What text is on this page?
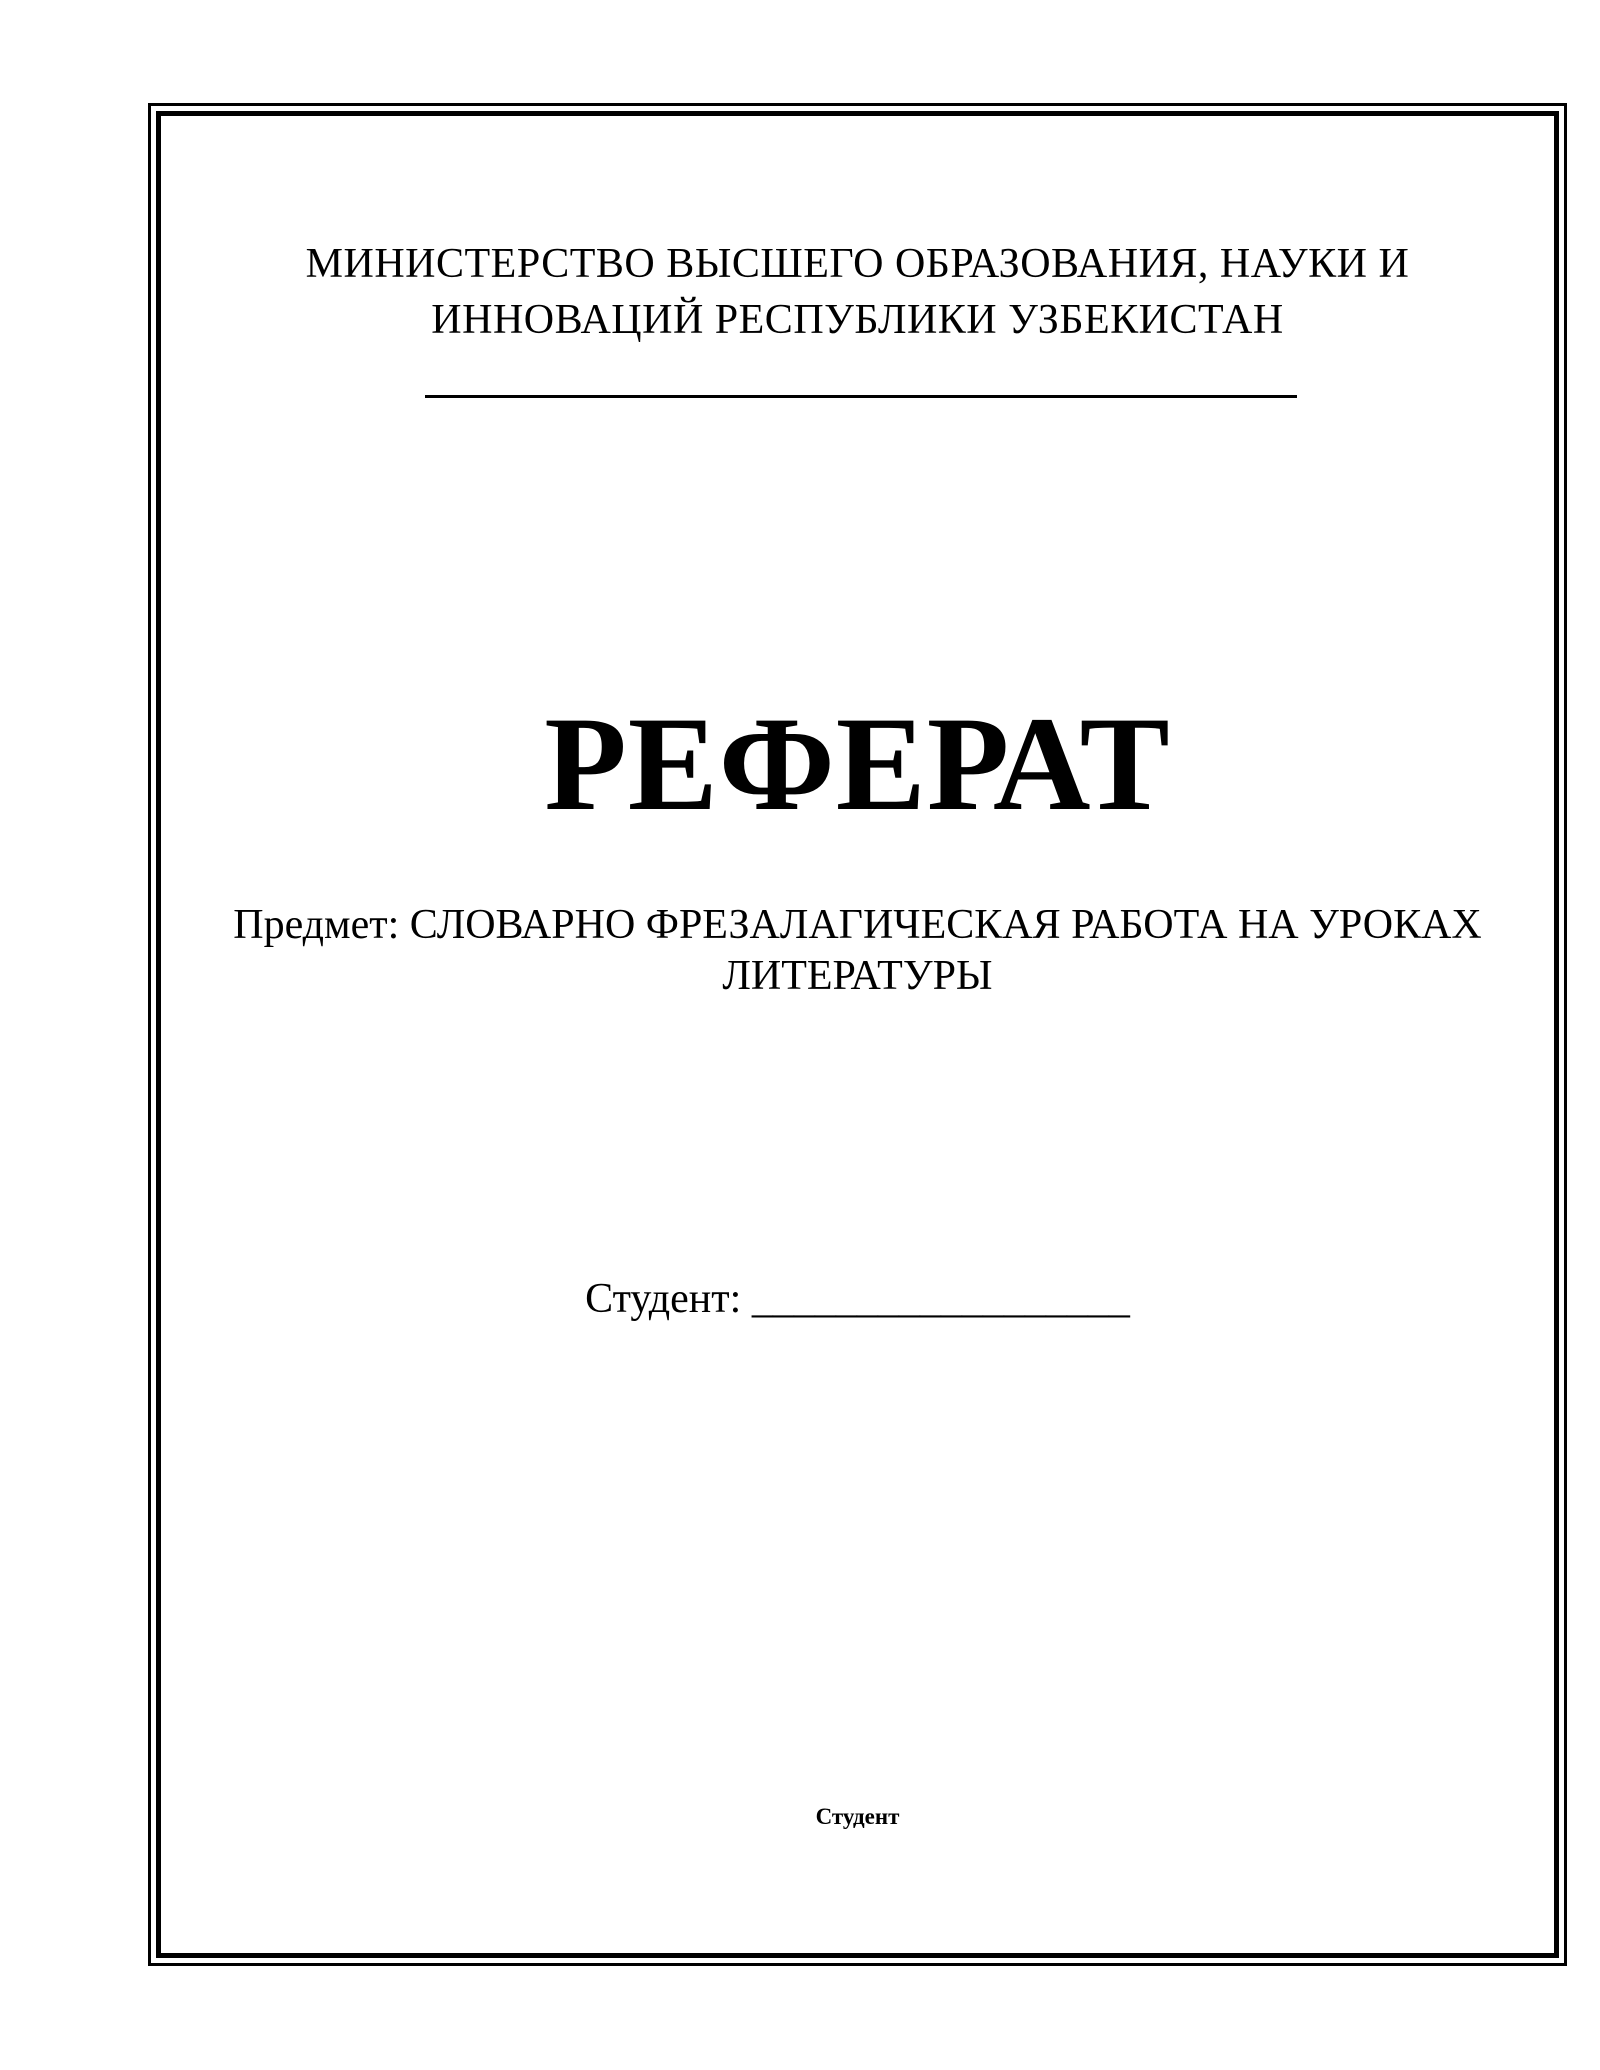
МИНИСТЕРСТВО ВЫСШЕГО ОБРАЗОВАНИЯ, НАУКИ И
ИННОВАЦИЙ РЕСПУБЛИКИ УЗБЕКИСТАН
РЕФЕРАТ
Предмет: СЛОВАРНО ФРЕЗАЛАГИЧЕСКАЯ РАБОТА НА УРОКАХ
ЛИТЕРАТУРЫ
Студент: __________________
Студент
